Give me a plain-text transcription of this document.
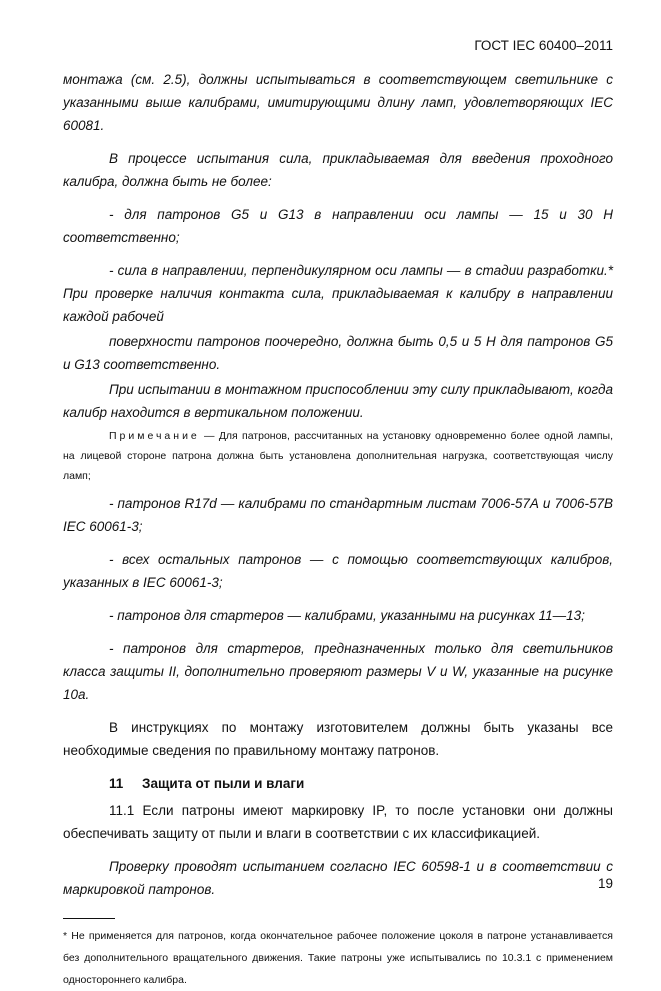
ГОСТ IEC 60400–2011

монтажа (см. 2.5), должны испытываться в соответствующем светильнике с указанными выше калибрами, имитирующими длину ламп, удовлетворяющих IEC 60081.

В процессе испытания сила, прикладываемая для введения проходного калибра, должна быть не более:

- для патронов G5 и G13 в направлении оси лампы — 15 и 30 Н соответственно;

- сила в направлении, перпендикулярном оси лампы — в стадии разработки.* При проверке наличия контакта сила, прикладываемая к калибру в направлении каждой рабочей

поверхности патронов поочередно, должна быть 0,5 и 5 Н для патронов G5 и G13 соответственно.

При испытании в монтажном приспособлении эту силу прикладывают, когда калибр находится в вертикальном положении.

Примечание — Для патронов, рассчитанных на установку одновременно более одной лампы, на лицевой стороне патрона должна быть установлена дополнительная нагрузка, соответствующая числу ламп;

- патронов R17d — калибрами по стандартным листам 7006-57А и 7006-57В IEC 60061-3;

- всех остальных патронов — с помощью соответствующих калибров, указанных в IEC 60061-3;

- патронов для стартеров — калибрами, указанными на рисунках 11—13;

- патронов для стартеров, предназначенных только для светильников класса защиты II, дополнительно проверяют размеры V и W, указанные на рисунке 10a.

В инструкциях по монтажу изготовителем должны быть указаны все необходимые сведения по правильному монтажу патронов.

11     Защита от пыли и влаги

11.1 Если патроны имеют маркировку IP, то после установки они должны обеспечивать защиту от пыли и влаги в соответствии с их классификацией.

Проверку проводят испытанием согласно IEC 60598-1 и в соответствии с маркировкой патронов.

* Не применяется для патронов, когда окончательное рабочее положение цоколя в патроне устанавливается без дополнительного вращательного движения. Такие патроны уже испытывались по 10.3.1 с применением одностороннего калибра.

19
